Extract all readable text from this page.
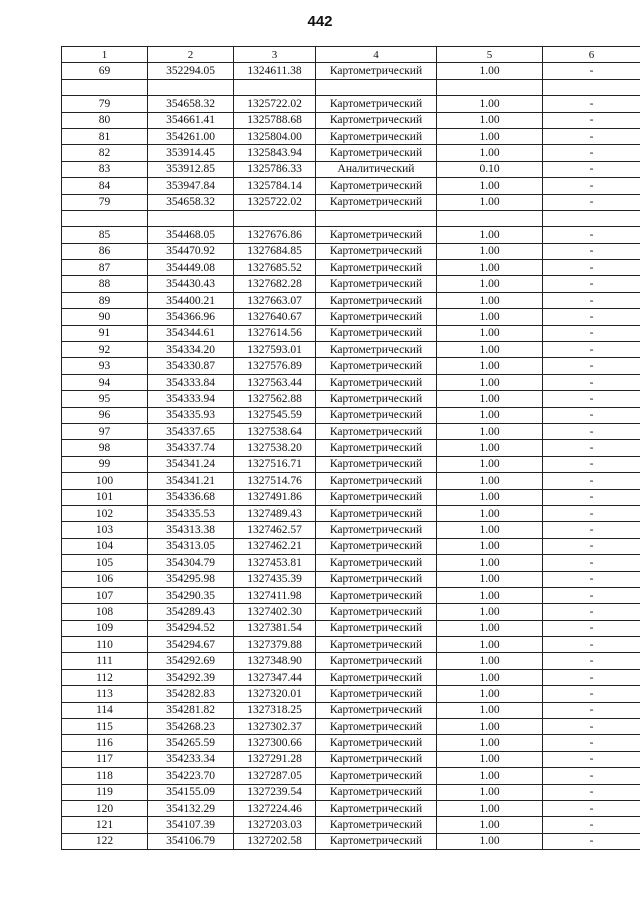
442
1	2	3	4	5	6
69	352294.05	1324611.38	Картометрический	1.00	-

79	354658.32	1325722.02	Картометрический	1.00	-
80	354661.41	1325788.68	Картометрический	1.00	-
81	354261.00	1325804.00	Картометрический	1.00	-
82	353914.45	1325843.94	Картометрический	1.00	-
83	353912.85	1325786.33	Аналитический	0.10	-
84	353947.84	1325784.14	Картометрический	1.00	-
79	354658.32	1325722.02	Картометрический	1.00	-

85	354468.05	1327676.86	Картометрический	1.00	-
86	354470.92	1327684.85	Картометрический	1.00	-
87	354449.08	1327685.52	Картометрический	1.00	-
88	354430.43	1327682.28	Картометрический	1.00	-
89	354400.21	1327663.07	Картометрический	1.00	-
90	354366.96	1327640.67	Картометрический	1.00	-
91	354344.61	1327614.56	Картометрический	1.00	-
92	354334.20	1327593.01	Картометрический	1.00	-
93	354330.87	1327576.89	Картометрический	1.00	-
94	354333.84	1327563.44	Картометрический	1.00	-
95	354333.94	1327562.88	Картометрический	1.00	-
96	354335.93	1327545.59	Картометрический	1.00	-
97	354337.65	1327538.64	Картометрический	1.00	-
98	354337.74	1327538.20	Картометрический	1.00	-
99	354341.24	1327516.71	Картометрический	1.00	-
100	354341.21	1327514.76	Картометрический	1.00	-
101	354336.68	1327491.86	Картометрический	1.00	-
102	354335.53	1327489.43	Картометрический	1.00	-
103	354313.38	1327462.57	Картометрический	1.00	-
104	354313.05	1327462.21	Картометрический	1.00	-
105	354304.79	1327453.81	Картометрический	1.00	-
106	354295.98	1327435.39	Картометрический	1.00	-
107	354290.35	1327411.98	Картометрический	1.00	-
108	354289.43	1327402.30	Картометрический	1.00	-
109	354294.52	1327381.54	Картометрический	1.00	-
110	354294.67	1327379.88	Картометрический	1.00	-
111	354292.69	1327348.90	Картометрический	1.00	-
112	354292.39	1327347.44	Картометрический	1.00	-
113	354282.83	1327320.01	Картометрический	1.00	-
114	354281.82	1327318.25	Картометрический	1.00	-
115	354268.23	1327302.37	Картометрический	1.00	-
116	354265.59	1327300.66	Картометрический	1.00	-
117	354233.34	1327291.28	Картометрический	1.00	-
118	354223.70	1327287.05	Картометрический	1.00	-
119	354155.09	1327239.54	Картометрический	1.00	-
120	354132.29	1327224.46	Картометрический	1.00	-
121	354107.39	1327203.03	Картометрический	1.00	-
122	354106.79	1327202.58	Картометрический	1.00	-
